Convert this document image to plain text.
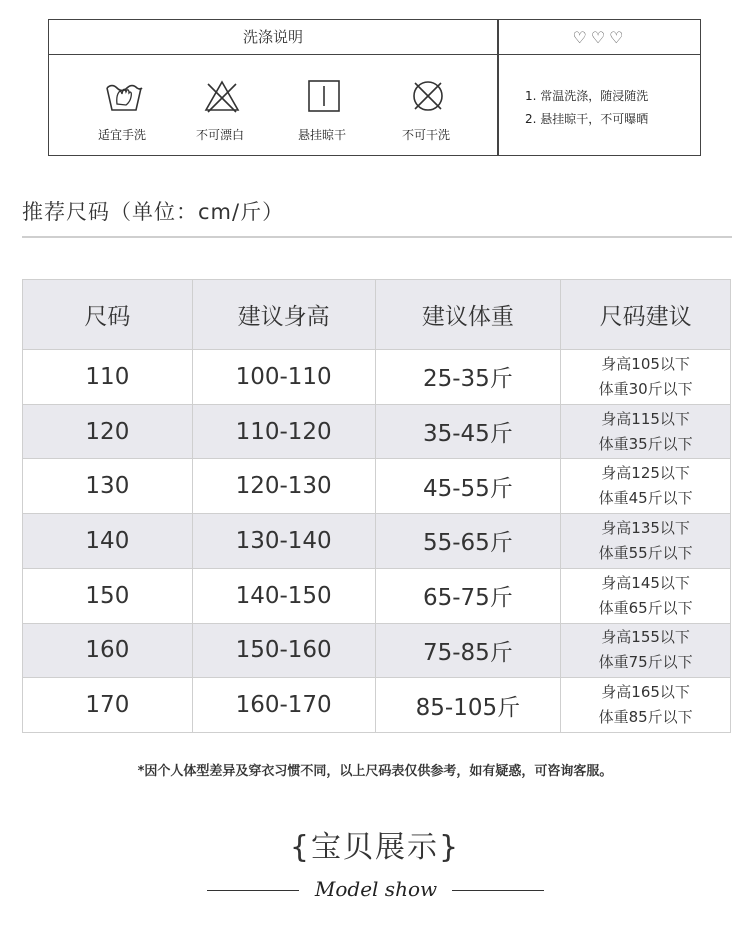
洗涤说明	♡♡♡
适宜手洗	不可漂白	悬挂晾干	不可干洗
1. 常温洗涤，随浸随洗
2. 悬挂晾干，不可曝晒
推荐尺码（单位：cm/斤）
尺码	建议身高	建议体重	尺码建议
110	100-110	25-35斤	身高105以下
体重30斤以下

120	110-120	35-45斤	身高115以下
体重35斤以下

130	120-130	45-55斤	身高125以下
体重45斤以下

140	130-140	55-65斤	身高135以下
体重55斤以下

150	140-150	65-75斤	身高145以下
体重65斤以下

160	150-160	75-85斤	身高155以下
体重75斤以下

170	160-170	85-105斤	身高165以下
体重85斤以下
*因个人体型差异及穿衣习惯不同，以上尺码表仅供参考，如有疑惑，可咨询客服。
{宝贝展示}
Model show
